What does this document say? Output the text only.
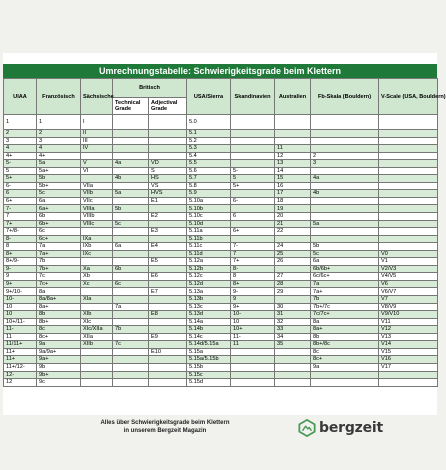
Umrechnungstabelle: Schwierigkeitsgrade beim Klettern
UIAA	Französisch	Sächsische	Britisch		USA/Sierra	Skandinavien	Australien	Fb-Skala (Bouldern)	V-Scale (USA, Bouldern)
			Technical Grade	Adjectival Grade					
1	1	I			5.0				
2	2	II			5.1				
3	3	III			5.2				
4	4	IV			5.3		11		
4+	4+				5.4		12	2	
5-	5a	V	4a	VD	5.5		13	3	
5	5a+	VI		S	5.6	5-	14		
5+	5b		4b	HS	5.7	5	15	4a	
6-	5b+	VIIa		VS	5.8	5+	16		
6	5c	VIIb	5a	HVS	5.9		17	4b	
6+	6a	VIIc		E1	5.10a	6-	18		
7-	6a+	VIIIa	5b		5.10b		19		
7	6b	VIIIb		E2	5.10c	6	20		
7+	6b+	VIIIc	5c		5.10d		21	5a	
7+/8-	6c			E3	5.11a	6+	22		
8-	6c+	IXa			5.11b				
8	7a	IXb	6a	E4	5.11c	7-	24	5b	
8+	7a+	IXc			5.11d	7	25	5c	V0
8+/9-	7b			E5	5.12a	7+	26	6a	V1
9-	7b+	Xa	6b		5.12b	8-		6b/6b+	V2/V3
9	7c	Xb		E6	5.12c	8	27	6c/6c+	V4/V5
9+	7c+	Xc	6c		5.12d	8+	28	7a	V6
9+/10-	8a			E7	5.13a	9-	29	7a+	V6/V7
10-	8a/8a+	XIa			5.13b	9		7b	V7
10	8a+		7a		5.13c	9+	30	7b+/7c	V8/V9
10	8b	XIb		E8	5.13d	10-	31	7c/7c+	V9/V10
10+/11-	8b+	XIc			5.14a	10	32	8a	V11
11-	8c	XIc/XIIa	7b		5.14b	10+	33	8a+	V12
11	8c+	XIIa		E9	5.14c	11-	34	8b	V13
11/11+	9a	XIIb	7c		5.14d/5.15a	11	35	8b+/8c	V14
11+	9a/9a+			E10	5.15a			8c	V15
11+	9a+				5.15a/5.15b			8c+	V16
11+/12-	9b				5.15b			9a	V17
12-	9b+				5.15c				
12	9c				5.15d				
Alles über Schwierigkeitsgrade beim Klettern
in unserem Bergzeit Magazin	bergzeit
